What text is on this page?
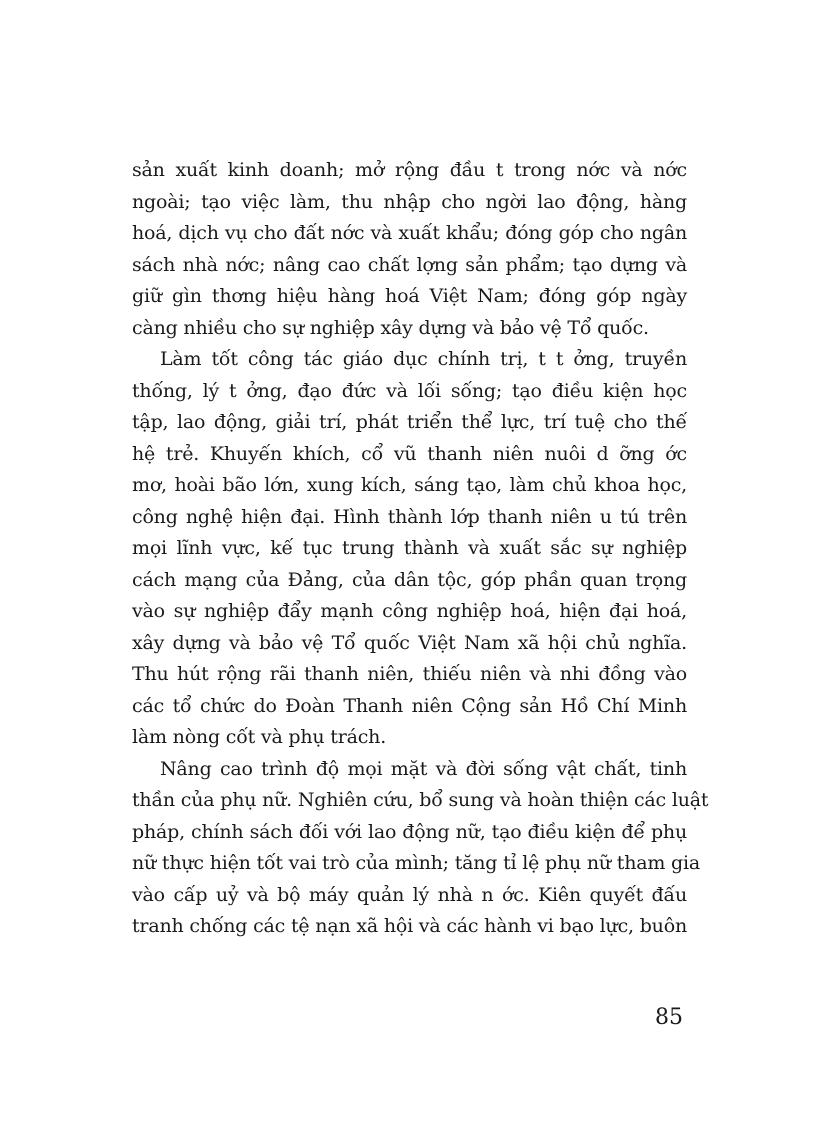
sản xuất kinh doanh; mở rộng đầu t trong nớc và nớc
ngoài; tạo việc làm, thu nhập cho ngời lao động, hàng
hoá, dịch vụ cho đất nớc và xuất khẩu; đóng góp cho ngân
sách nhà nớc; nâng cao chất lợng sản phẩm; tạo dựng và
giữ gìn thơng hiệu hàng hoá Việt Nam; đóng góp ngày
càng nhiều cho sự nghiệp xây dựng và bảo vệ Tổ quốc.
Làm tốt công tác giáo dục chính trị, t t ởng, truyền
thống, lý t ởng, đạo đức và lối sống; tạo điều kiện học
tập, lao động, giải trí, phát triển thể lực, trí tuệ cho thế
hệ trẻ. Khuyến khích, cổ vũ thanh niên nuôi d ỡng ớc
mơ, hoài bão lớn, xung kích, sáng tạo, làm chủ khoa học,
công nghệ hiện đại. Hình thành lớp thanh niên u tú trên
mọi lĩnh vực, kế tục trung thành và xuất sắc sự nghiệp
cách mạng của Đảng, của dân tộc, góp phần quan trọng
vào sự nghiệp đẩy mạnh công nghiệp hoá, hiện đại hoá,
xây dựng và bảo vệ Tổ quốc Việt Nam xã hội chủ nghĩa.
Thu hút rộng rãi thanh niên, thiếu niên và nhi đồng vào
các tổ chức do Đoàn Thanh niên Cộng sản Hồ Chí Minh
làm nòng cốt và phụ trách.
Nâng cao trình độ mọi mặt và đời sống vật chất, tinh
thần của phụ nữ. Nghiên cứu, bổ sung và hoàn thiện các luật
pháp, chính sách đối với lao động nữ, tạo điều kiện để phụ
nữ thực hiện tốt vai trò của mình; tăng tỉ lệ phụ nữ tham gia
vào cấp uỷ và bộ máy quản lý nhà n ớc. Kiên quyết đấu
tranh chống các tệ nạn xã hội và các hành vi bạo lực, buôn
85
